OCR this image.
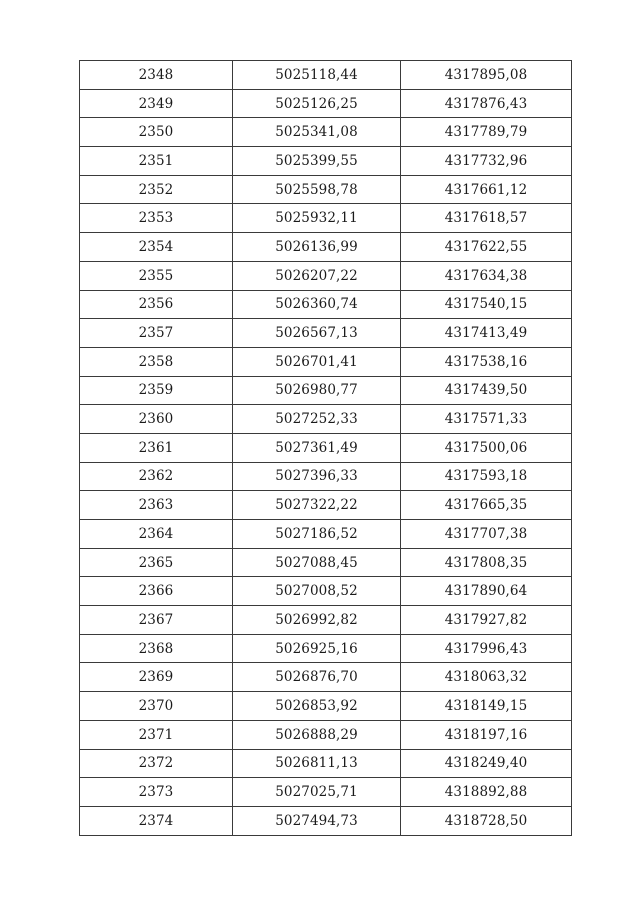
2348	5025118,44	4317895,08
2349	5025126,25	4317876,43
2350	5025341,08	4317789,79
2351	5025399,55	4317732,96
2352	5025598,78	4317661,12
2353	5025932,11	4317618,57
2354	5026136,99	4317622,55
2355	5026207,22	4317634,38
2356	5026360,74	4317540,15
2357	5026567,13	4317413,49
2358	5026701,41	4317538,16
2359	5026980,77	4317439,50
2360	5027252,33	4317571,33
2361	5027361,49	4317500,06
2362	5027396,33	4317593,18
2363	5027322,22	4317665,35
2364	5027186,52	4317707,38
2365	5027088,45	4317808,35
2366	5027008,52	4317890,64
2367	5026992,82	4317927,82
2368	5026925,16	4317996,43
2369	5026876,70	4318063,32
2370	5026853,92	4318149,15
2371	5026888,29	4318197,16
2372	5026811,13	4318249,40
2373	5027025,71	4318892,88
2374	5027494,73	4318728,50
